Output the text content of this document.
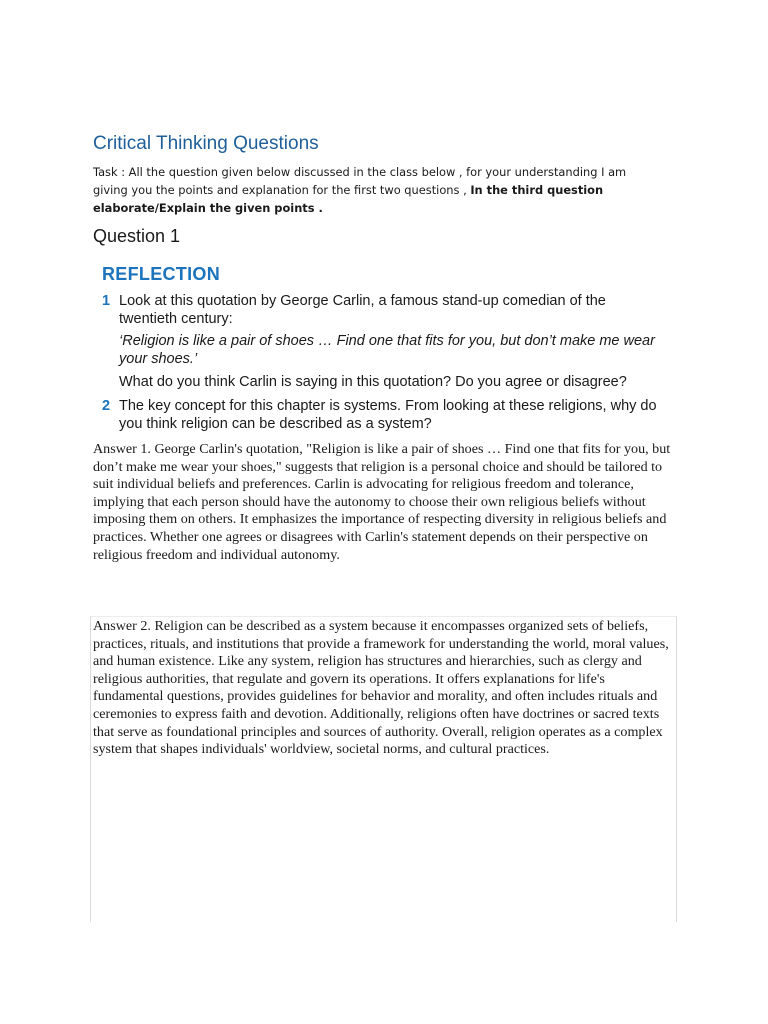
Critical Thinking Questions
Task : All the question given below discussed in the class below , for your understanding I am giving you the points and explanation for the first two questions , In the third question elaborate/Explain the given points .
Question 1
REFLECTION
1 Look at this quotation by George Carlin, a famous stand-up comedian of the twentieth century:
‘Religion is like a pair of shoes … Find one that fits for you, but don’t make me wear your shoes.’
What do you think Carlin is saying in this quotation? Do you agree or disagree?
2 The key concept for this chapter is systems. From looking at these religions, why do you think religion can be described as a system?
Answer 1. George Carlin's quotation, "Religion is like a pair of shoes … Find one that fits for you, but don’t make me wear your shoes," suggests that religion is a personal choice and should be tailored to suit individual beliefs and preferences. Carlin is advocating for religious freedom and tolerance, implying that each person should have the autonomy to choose their own religious beliefs without imposing them on others. It emphasizes the importance of respecting diversity in religious beliefs and practices. Whether one agrees or disagrees with Carlin's statement depends on their perspective on religious freedom and individual autonomy.
Answer 2. Religion can be described as a system because it encompasses organized sets of beliefs, practices, rituals, and institutions that provide a framework for understanding the world, moral values, and human existence. Like any system, religion has structures and hierarchies, such as clergy and religious authorities, that regulate and govern its operations. It offers explanations for life's fundamental questions, provides guidelines for behavior and morality, and often includes rituals and ceremonies to express faith and devotion. Additionally, religions often have doctrines or sacred texts that serve as foundational principles and sources of authority. Overall, religion operates as a complex system that shapes individuals' worldview, societal norms, and cultural practices.
